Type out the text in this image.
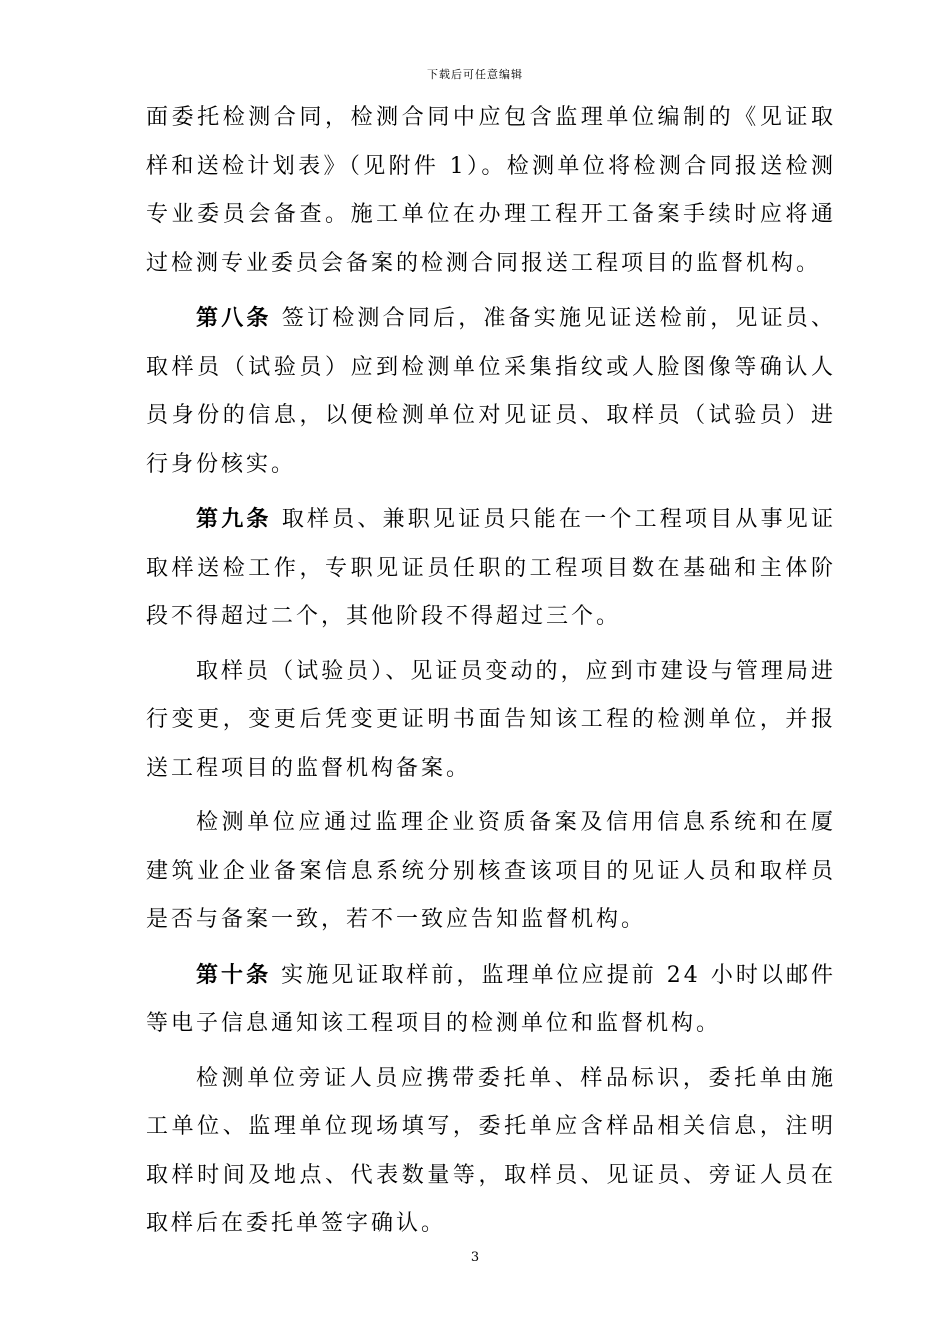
下载后可任意编辑

面委托检测合同，检测合同中应包含监理单位编制的《见证取样和送检计划表》（见附件 1）。检测单位将检测合同报送检测专业委员会备查。施工单位在办理工程开工备案手续时应将通过检测专业委员会备案的检测合同报送工程项目的监督机构。

第八条 签订检测合同后，准备实施见证送检前，见证员、取样员（试验员）应到检测单位采集指纹或人脸图像等确认人员身份的信息，以便检测单位对见证员、取样员（试验员）进行身份核实。

第九条 取样员、兼职见证员只能在一个工程项目从事见证取样送检工作，专职见证员任职的工程项目数在基础和主体阶段不得超过二个，其他阶段不得超过三个。

取样员（试验员）、见证员变动的，应到市建设与管理局进行变更，变更后凭变更证明书面告知该工程的检测单位，并报送工程项目的监督机构备案。

检测单位应通过监理企业资质备案及信用信息系统和在厦建筑业企业备案信息系统分别核查该项目的见证人员和取样员是否与备案一致，若不一致应告知监督机构。

第十条 实施见证取样前，监理单位应提前 24 小时以邮件等电子信息通知该工程项目的检测单位和监督机构。

检测单位旁证人员应携带委托单、样品标识，委托单由施工单位、监理单位现场填写，委托单应含样品相关信息，注明取样时间及地点、代表数量等，取样员、见证员、旁证人员在取样后在委托单签字确认。

3
